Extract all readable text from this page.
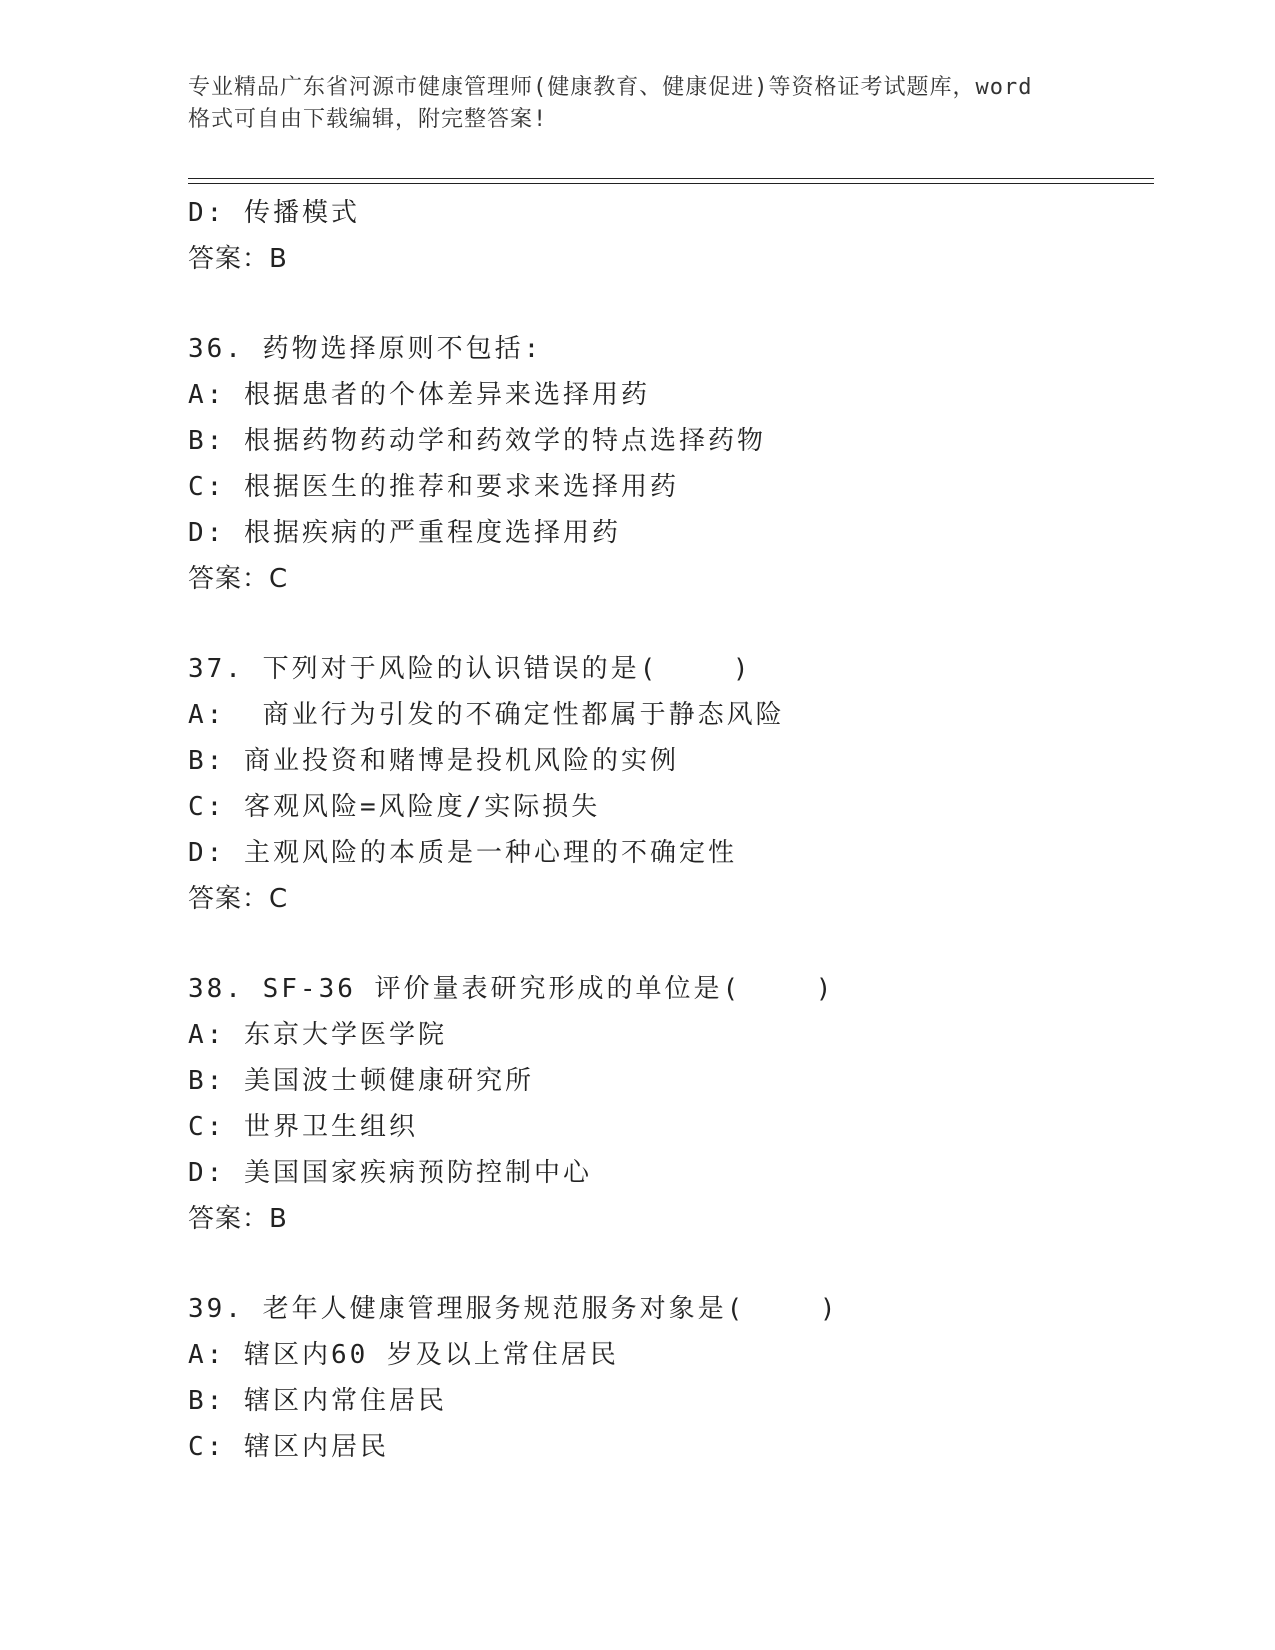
专业精品广东省河源市健康管理师(健康教育、健康促进)等资格证考试题库，word
格式可自由下载编辑，附完整答案!
D: 传播模式
答案：B
36. 药物选择原则不包括:
A: 根据患者的个体差异来选择用药
B: 根据药物药动学和药效学的特点选择药物
C: 根据医生的推荐和要求来选择用药
D: 根据疾病的严重程度选择用药
答案：C
37. 下列对于风险的认识错误的是(    )
A:  商业行为引发的不确定性都属于静态风险
B: 商业投资和赌博是投机风险的实例
C: 客观风险=风险度/实际损失
D: 主观风险的本质是一种心理的不确定性
答案：C
38. SF-36 评价量表研究形成的单位是(    )
A: 东京大学医学院
B: 美国波士顿健康研究所
C: 世界卫生组织
D: 美国国家疾病预防控制中心
答案：B
39. 老年人健康管理服务规范服务对象是(    )
A: 辖区内60 岁及以上常住居民
B: 辖区内常住居民
C: 辖区内居民
